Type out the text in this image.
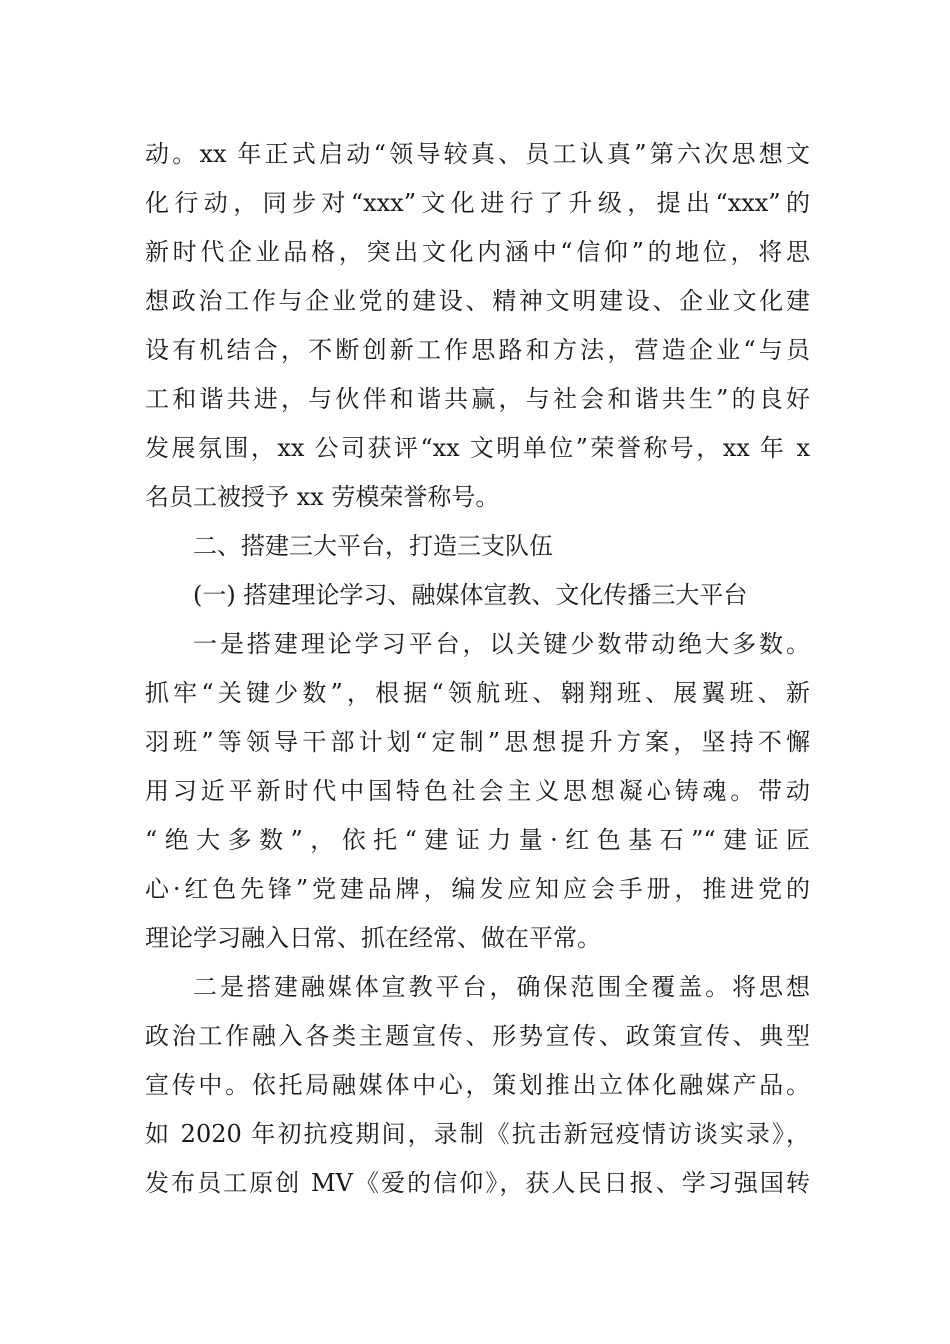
动。xx 年正式启动“领导较真、员工认真”第六次思想文
化行动，同步对“xxx”文化进行了升级，提出“xxx”的
新时代企业品格，突出文化内涵中“信仰”的地位，将思
想政治工作与企业党的建设、精神文明建设、企业文化建
设有机结合，不断创新工作思路和方法，营造企业“与员
工和谐共进，与伙伴和谐共赢，与社会和谐共生”的良好
发展氛围，xx 公司获评“xx 文明单位”荣誉称号，xx 年 x
名员工被授予 xx 劳模荣誉称号。
二、搭建三大平台，打造三支队伍
(一) 搭建理论学习、融媒体宣教、文化传播三大平台
一是搭建理论学习平台，以关键少数带动绝大多数。
抓牢“关键少数”，根据“领航班、翱翔班、展翼班、新
羽班”等领导干部计划“定制”思想提升方案，坚持不懈
用习近平新时代中国特色社会主义思想凝心铸魂。带动
“绝大多数”，依托“建证力量·红色基石”“建证匠
心·红色先锋”党建品牌，编发应知应会手册，推进党的
理论学习融入日常、抓在经常、做在平常。
二是搭建融媒体宣教平台，确保范围全覆盖。将思想
政治工作融入各类主题宣传、形势宣传、政策宣传、典型
宣传中。依托局融媒体中心，策划推出立体化融媒产品。
如 2020 年初抗疫期间，录制《抗击新冠疫情访谈实录》，
发布员工原创 MV《爱的信仰》，获人民日报、学习强国转
